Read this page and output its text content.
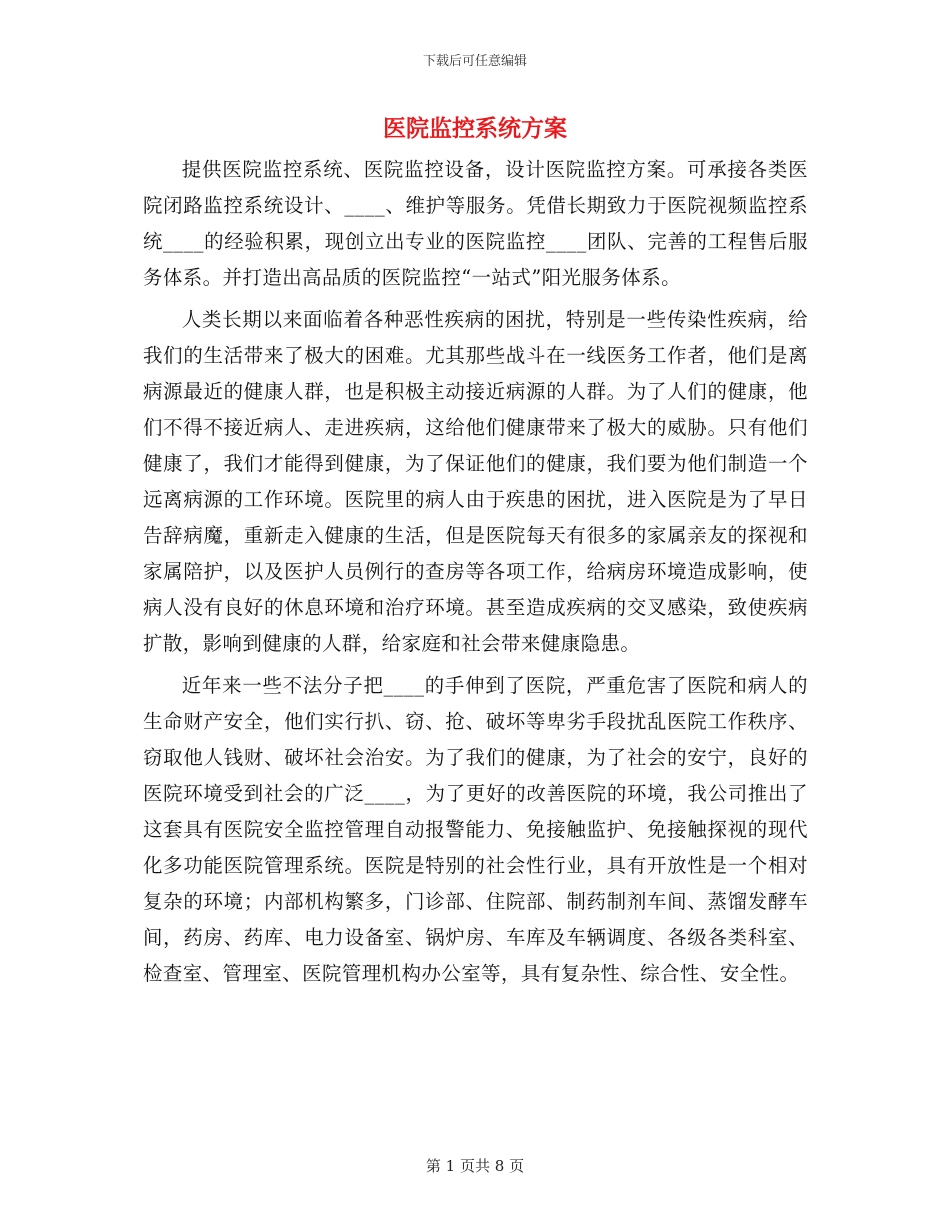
下载后可任意编辑
医院监控系统方案

提供医院监控系统、医院监控设备，设计医院监控方案。可承接各类医院闭路监控系统设计、____、维护等服务。凭借长期致力于医院视频监控系统____的经验积累，现创立出专业的医院监控____团队、完善的工程售后服务体系。并打造出高品质的医院监控“一站式”阳光服务体系。

人类长期以来面临着各种恶性疾病的困扰，特别是一些传染性疾病，给我们的生活带来了极大的困难。尤其那些战斗在一线医务工作者，他们是离病源最近的健康人群，也是积极主动接近病源的人群。为了人们的健康，他们不得不接近病人、走进疾病，这给他们健康带来了极大的威胁。只有他们健康了，我们才能得到健康，为了保证他们的健康，我们要为他们制造一个远离病源的工作环境。医院里的病人由于疾患的困扰，进入医院是为了早日告辞病魔，重新走入健康的生活，但是医院每天有很多的家属亲友的探视和家属陪护，以及医护人员例行的查房等各项工作，给病房环境造成影响，使病人没有良好的休息环境和治疗环境。甚至造成疾病的交叉感染，致使疾病扩散，影响到健康的人群，给家庭和社会带来健康隐患。

近年来一些不法分子把____的手伸到了医院，严重危害了医院和病人的生命财产安全，他们实行扒、窃、抢、破坏等卑劣手段扰乱医院工作秩序、窃取他人钱财、破坏社会治安。为了我们的健康，为了社会的安宁，良好的医院环境受到社会的广泛____，为了更好的改善医院的环境，我公司推出了这套具有医院安全监控管理自动报警能力、免接触监护、免接触探视的现代化多功能医院管理系统。医院是特别的社会性行业，具有开放性是一个相对复杂的环境；内部机构繁多，门诊部、住院部、制药制剂车间、蒸馏发酵车间，药房、药库、电力设备室、锅炉房、车库及车辆调度、各级各类科室、检查室、管理室、医院管理机构办公室等，具有复杂性、综合性、安全性。

第 1 页共 8 页
